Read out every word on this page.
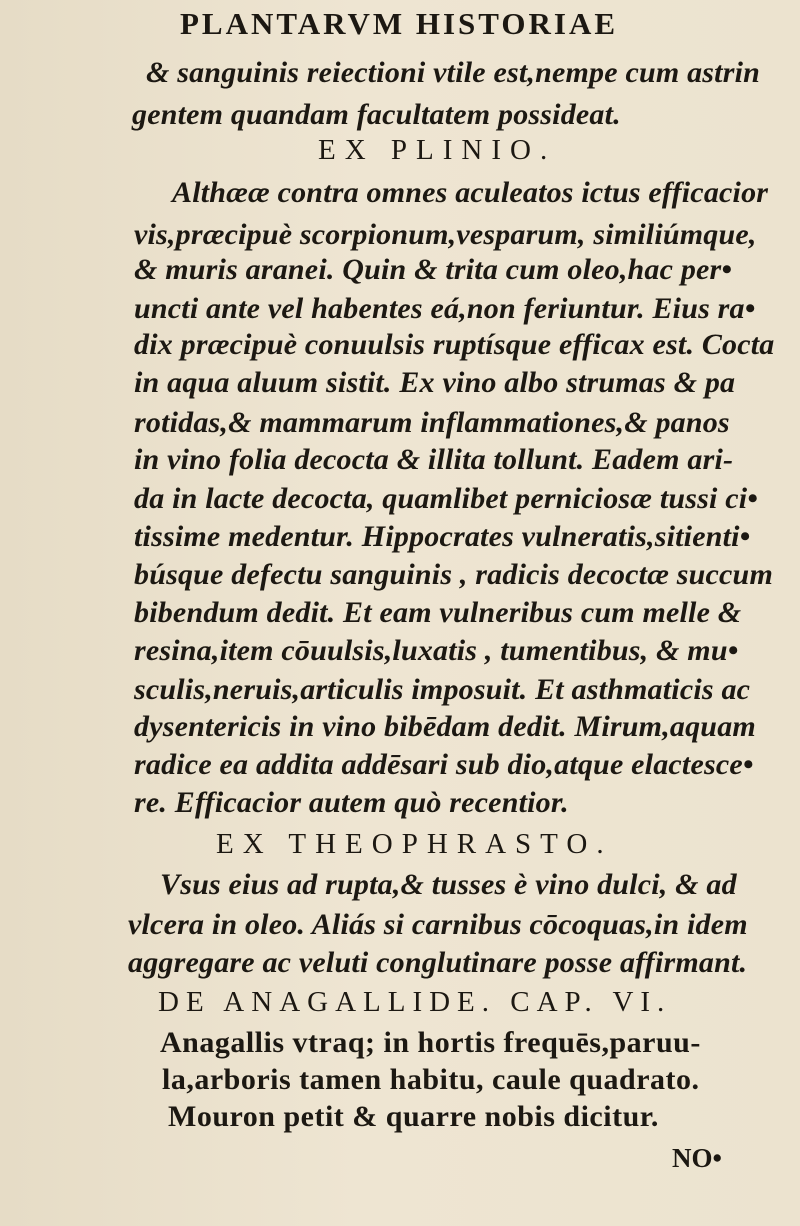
PLANTARVM HISTORIAE
& sanguinis reiectioni vtile est,nempe cum astrin
gentem quandam facultatem possideat.
EX PLINIO.
Althææ contra omnes aculeatos ictus efficacior
vis,præcipuè scorpionum,vesparum, similiúmque,
& muris aranei. Quin & trita cum oleo,hac per•
uncti ante vel habentes eá,non feriuntur. Eius ra•
dix præcipuè conuulsis ruptísque efficax est. Cocta
in aqua aluum sistit. Ex vino albo strumas & pa
rotidas,& mammarum inflammationes,& panos
in vino folia decocta & illita tollunt. Eadem ari-
da in lacte decocta, quamlibet perniciosæ tussi ci•
tissime medentur. Hippocrates vulneratis,sitienti•
búsque defectu sanguinis , radicis decoctæ succum
bibendum dedit. Et eam vulneribus cum melle &
resina,item cōuulsis,luxatis , tumentibus, & mu•
sculis,neruis,articulis imposuit. Et asthmaticis ac
dysentericis in vino bibēdam dedit. Mirum,aquam
radice ea addita addēsari sub dio,atque elactesce•
re. Efficacior autem quò recentior.
EX THEOPHRASTO.
Vsus eius ad rupta,& tusses è vino dulci, & ad
vlcera in oleo. Aliás si carnibus cōcoquas,in idem
aggregare ac veluti conglutinare posse affirmant.
DE ANAGALLIDE. CAP. VI.
Anagallis vtraq; in hortis frequēs,paruu-
la,arboris tamen habitu, caule quadrato.
Mouron petit & quarre nobis dicitur.
NO•
